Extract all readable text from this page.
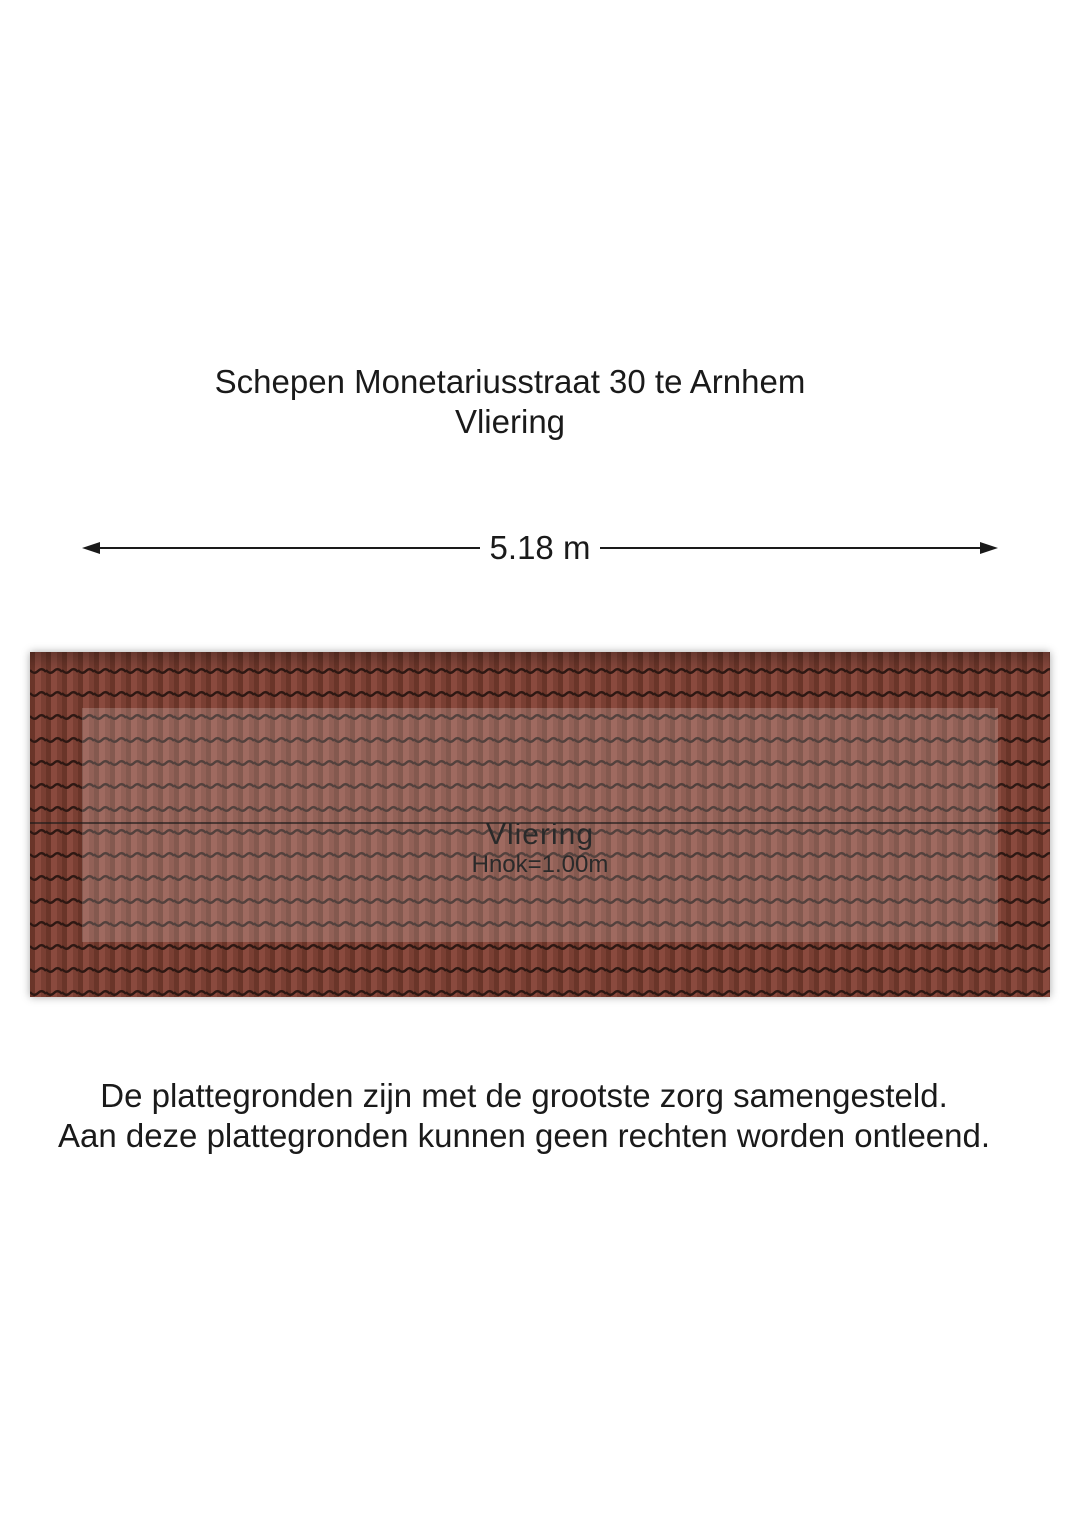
Schepen Monetariusstraat 30 te Arnhem
Vliering
5.18 m
Vliering
Hnok=1.00m
De plattegronden zijn met de grootste zorg samengesteld.
Aan deze plattegronden kunnen geen rechten worden ontleend.
